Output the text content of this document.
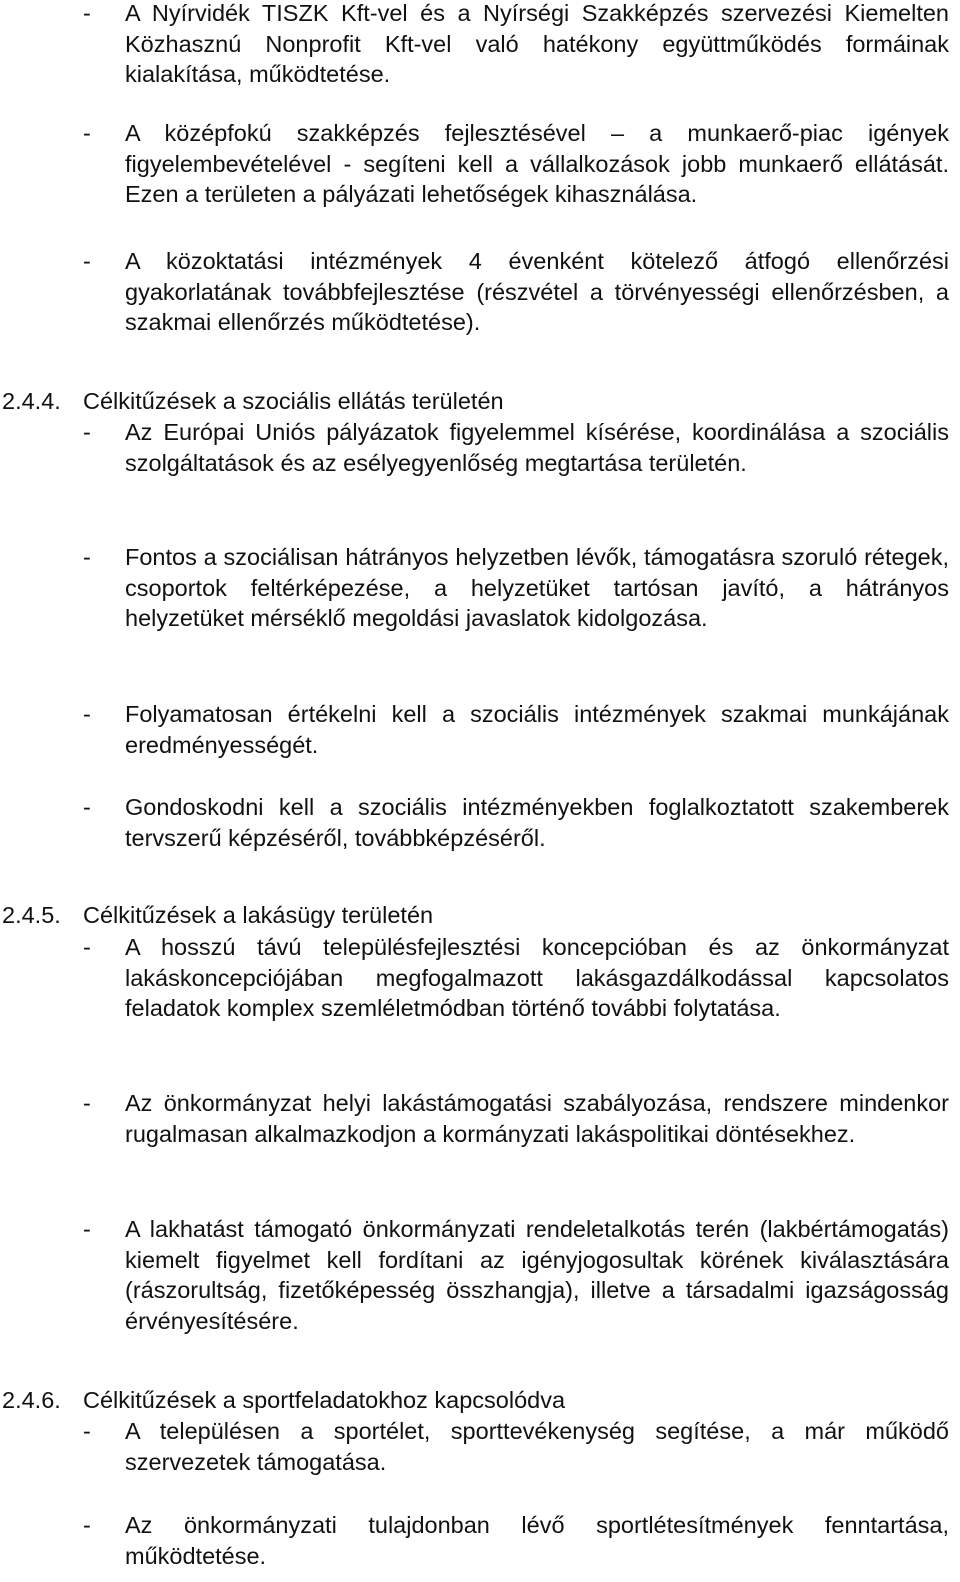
- A Nyírvidék TISZK Kft-vel és a Nyírségi Szakképzés szervezési Kiemelten Közhasznú Nonprofit Kft-vel való hatékony együttműködés formáinak kialakítása, működtetése.
- A középfokú szakképzés fejlesztésével – a munkaerő-piac igények figyelembevételével - segíteni kell a vállalkozások jobb munkaerő ellátását. Ezen a területen a pályázati lehetőségek kihasználása.
- A közoktatási intézmények 4 évenként kötelező átfogó ellenőrzési gyakorlatának továbbfejlesztése (részvétel a törvényességi ellenőrzésben, a szakmai ellenőrzés működtetése).
2.4.4. Célkitűzések a szociális ellátás területén
- Az Európai Uniós pályázatok figyelemmel kísérése, koordinálása a szociális szolgáltatások és az esélyegyenlőség megtartása területén.
- Fontos a szociálisan hátrányos helyzetben lévők, támogatásra szoruló rétegek, csoportok feltérképezése, a helyzetüket tartósan javító, a hátrányos helyzetüket mérséklő megoldási javaslatok kidolgozása.
- Folyamatosan értékelni kell a szociális intézmények szakmai munkájának eredményességét.
- Gondoskodni kell a szociális intézményekben foglalkoztatott szakemberek tervszerű képzéséről, továbbképzéséről.
2.4.5. Célkitűzések a lakásügy területén
- A hosszú távú településfejlesztési koncepcióban és az önkormányzat lakáskoncepciójában megfogalmazott lakásgazdálkodással kapcsolatos feladatok komplex szemléletmódban történő további folytatása.
- Az önkormányzat helyi lakástámogatási szabályozása, rendszere mindenkor rugalmasan alkalmazkodjon a kormányzati lakáspolitikai döntésekhez.
- A lakhatást támogató önkormányzati rendeletalkotás terén (lakbértámogatás) kiemelt figyelmet kell fordítani az igényjogosultak körének kiválasztására (rászorultság, fizetőképesség összhangja), illetve a társadalmi igazságosság érvényesítésére.
2.4.6. Célkitűzések a sportfeladatokhoz kapcsolódva
- A településen a sportélet, sporttevékenység segítése, a már működő szervezetek támogatása.
- Az önkormányzati tulajdonban lévő sportlétesítmények fenntartása, működtetése.
